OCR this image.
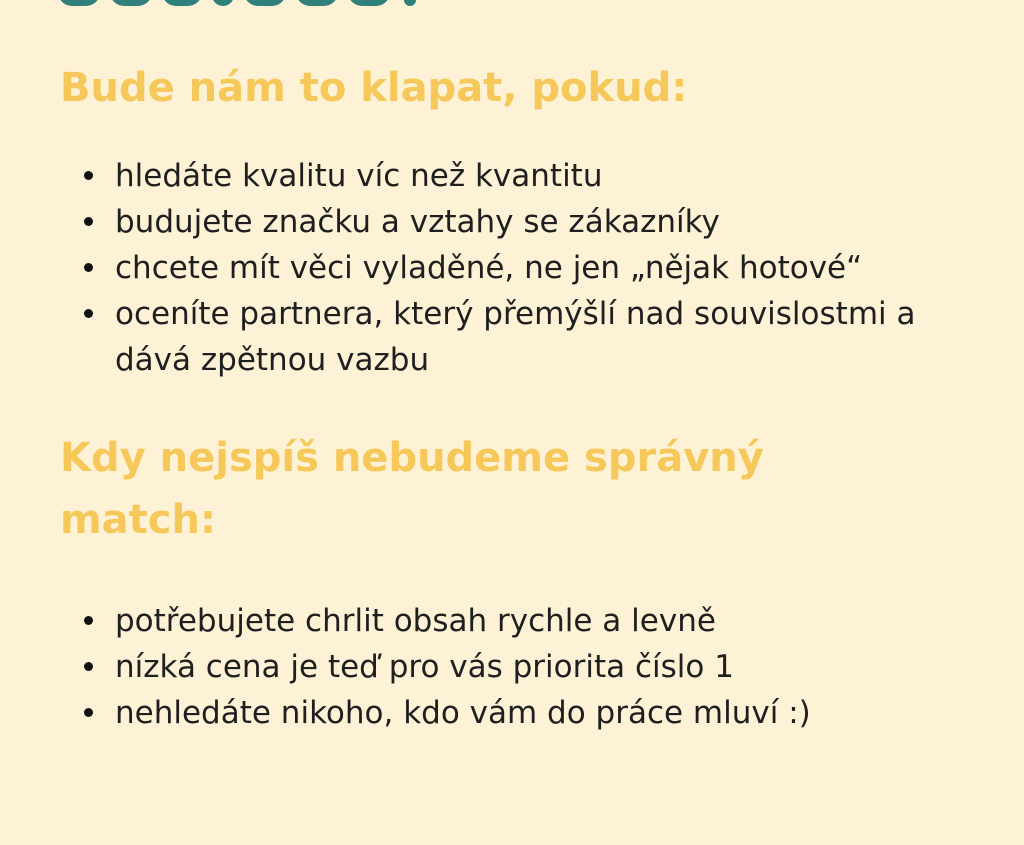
Bude nám to klapat, pokud:
hledáte kvalitu víc než kvantitu
budujete značku a vztahy se zákazníky
chcete mít věci vyladěné, ne jen „nějak hotové“
oceníte partnera, který přemýšlí nad souvislostmi a dává zpětnou vazbu
Kdy nejspíš nebudeme správný match:
potřebujete chrlit obsah rychle a levně
nízká cena je teď pro vás priorita číslo 1
nehledáte nikoho, kdo vám do práce mluví :)
